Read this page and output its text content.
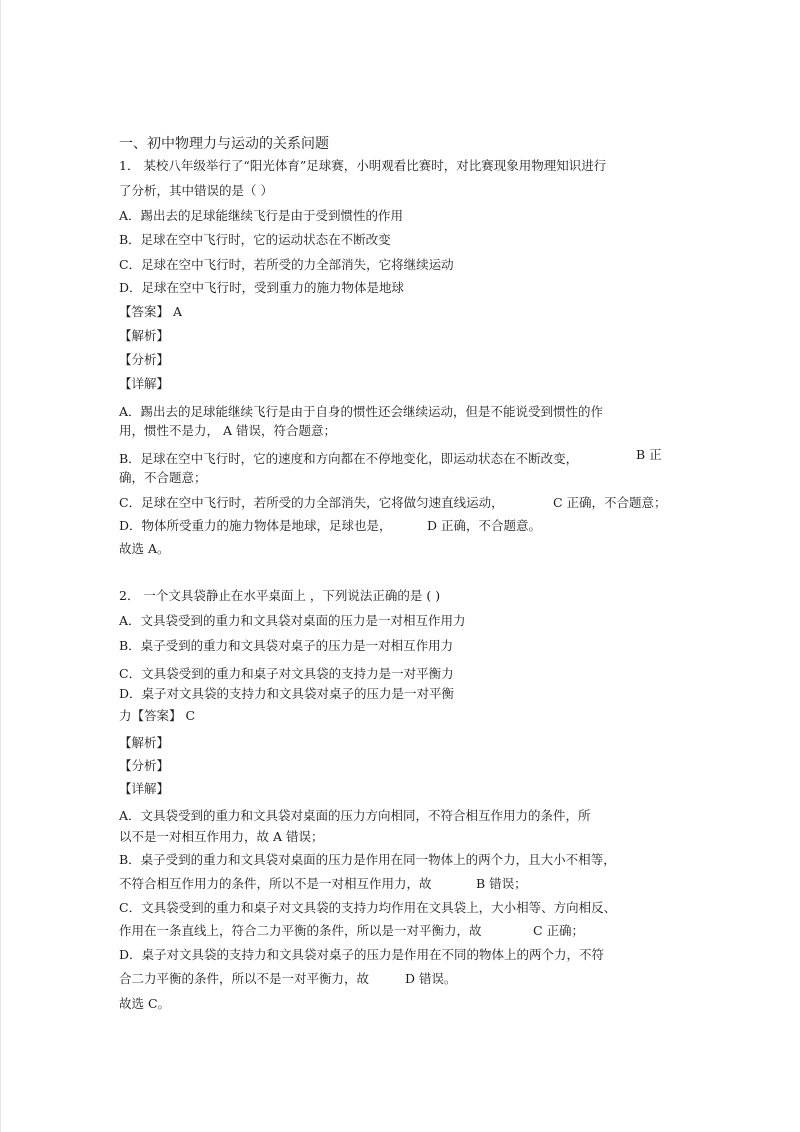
一、初中物理力与运动的关系问题
1． 某校八年级举行了“阳光体育”足球赛，小明观看比赛时，对比赛现象用物理知识进行
了分析，其中错误的是（ ）
A．踢出去的足球能继续飞行是由于受到惯性的作用
B．足球在空中飞行时，它的运动状态在不断改变
C．足球在空中飞行时，若所受的力全部消失，它将继续运动
D．足球在空中飞行时，受到重力的施力物体是地球
【答案】 A
【解析】
【分析】
【详解】
A．踢出去的足球能继续飞行是由于自身的惯性还会继续运动，但是不能说受到惯性的作
用，惯性不是力， A 错误，符合题意；
B．足球在空中飞行时，它的速度和方向都在不停地变化，即运动状态在不断改变，	B 正
确，不合题意；
C．足球在空中飞行时，若所受的力全部消失，它将做匀速直线运动，	C 正确，不合题意；
D．物体所受重力的施力物体是地球，足球也是，	D 正确，不合题意。
故选 A。
2． 一个文具袋静止在水平桌面上 ，下列说法正确的是 ( )
A．文具袋受到的重力和文具袋对桌面的压力是一对相互作用力
B．桌子受到的重力和文具袋对桌子的压力是一对相互作用力
C．文具袋受到的重力和桌子对文具袋的支持力是一对平衡力
D．桌子对文具袋的支持力和文具袋对桌子的压力是一对平衡
力【答案】 C
【解析】
【分析】
【详解】
A．文具袋受到的重力和文具袋对桌面的压力方向相同，不符合相互作用力的条件，所
以不是一对相互作用力，故 A 错误；
B．桌子受到的重力和文具袋对桌面的压力是作用在同一物体上的两个力，且大小不相等，
不符合相互作用力的条件，所以不是一对相互作用力，故	B 错误；
C．文具袋受到的重力和桌子对文具袋的支持力均作用在文具袋上，大小相等、方向相反、
作用在一条直线上，符合二力平衡的条件，所以是一对平衡力，故	C 正确；
D．桌子对文具袋的支持力和文具袋对桌子的压力是作用在不同的物体上的两个力，不符
合二力平衡的条件，所以不是一对平衡力，故	D 错误。
故选 C。
